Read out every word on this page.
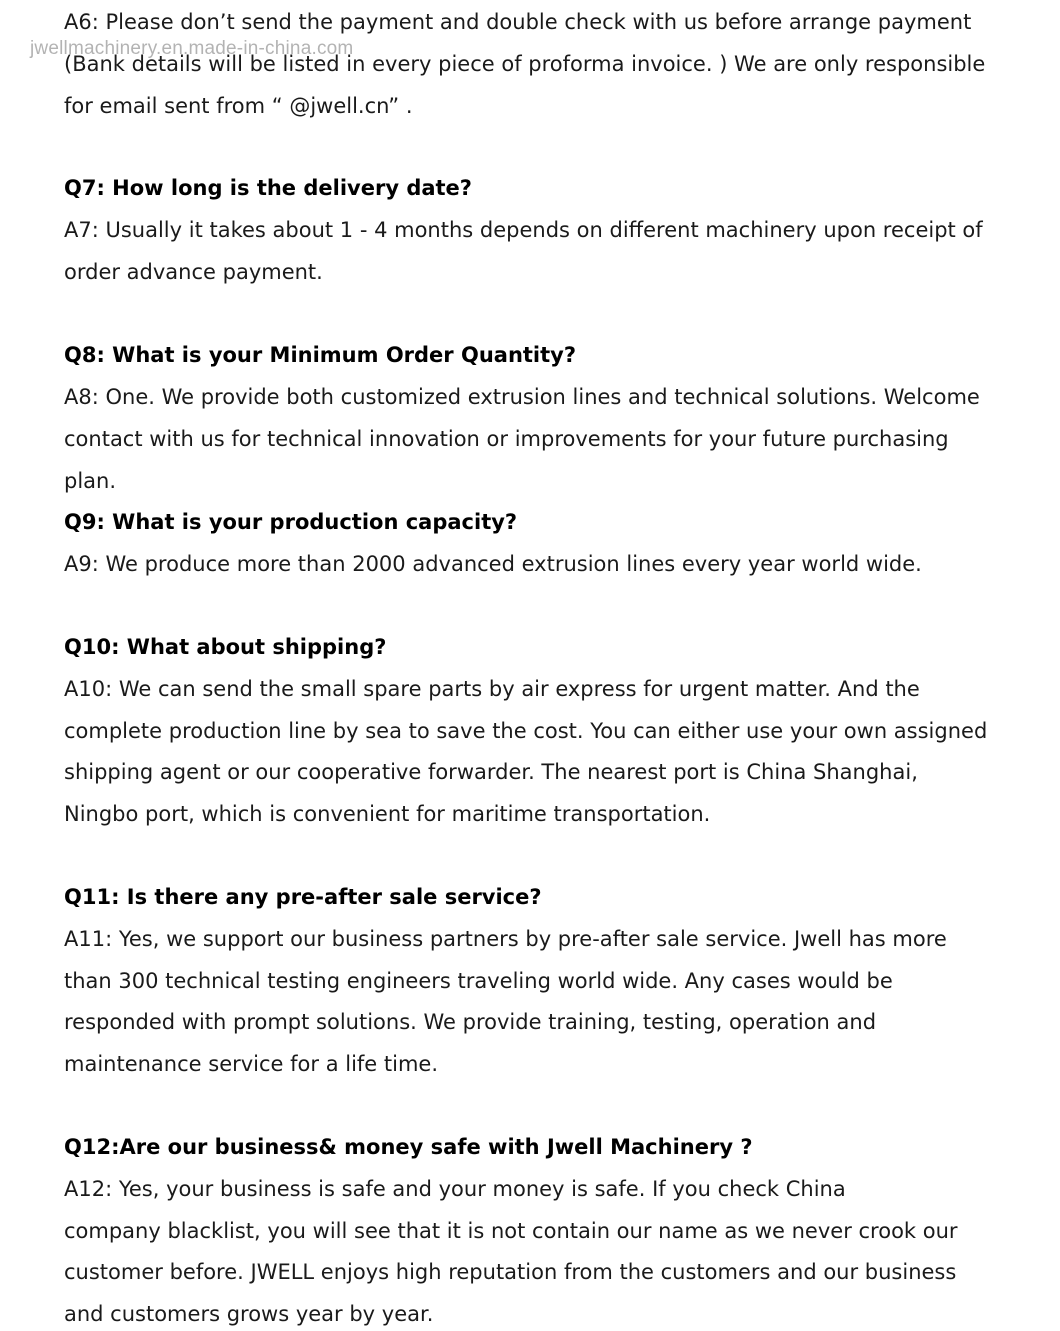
jwellmachinery.en.made-in-china.com

A6: Please don’t send the payment and double check with us before arrange payment

(Bank details will be listed in every piece of proforma invoice. ) We are only responsible

for email sent from “ @jwell.cn” .

Q7: How long is the delivery date?

A7: Usually it takes about 1 - 4 months depends on different machinery upon receipt of

order advance payment.

Q8: What is your Minimum Order Quantity?

A8: One. We provide both customized extrusion lines and technical solutions. Welcome

contact with us for technical innovation or improvements for your future purchasing

plan.

Q9: What is your production capacity?

A9: We produce more than 2000 advanced extrusion lines every year world wide.

Q10: What about shipping?

A10: We can send the small spare parts by air express for urgent matter. And the

complete production line by sea to save the cost. You can either use your own assigned

shipping agent or our cooperative forwarder. The nearest port is China Shanghai,

Ningbo port, which is convenient for maritime transportation.

Q11: Is there any pre-after sale service?

A11: Yes, we support our business partners by pre-after sale service. Jwell has more

than 300 technical testing engineers traveling world wide. Any cases would be

responded with prompt solutions. We provide training, testing, operation and

maintenance service for a life time.

Q12:Are our business& money safe with Jwell Machinery ?

A12: Yes, your business is safe and your money is safe. If you check China

company blacklist, you will see that it is not contain our name as we never crook our

customer before. JWELL enjoys high reputation from the customers and our business

and customers grows year by year.
